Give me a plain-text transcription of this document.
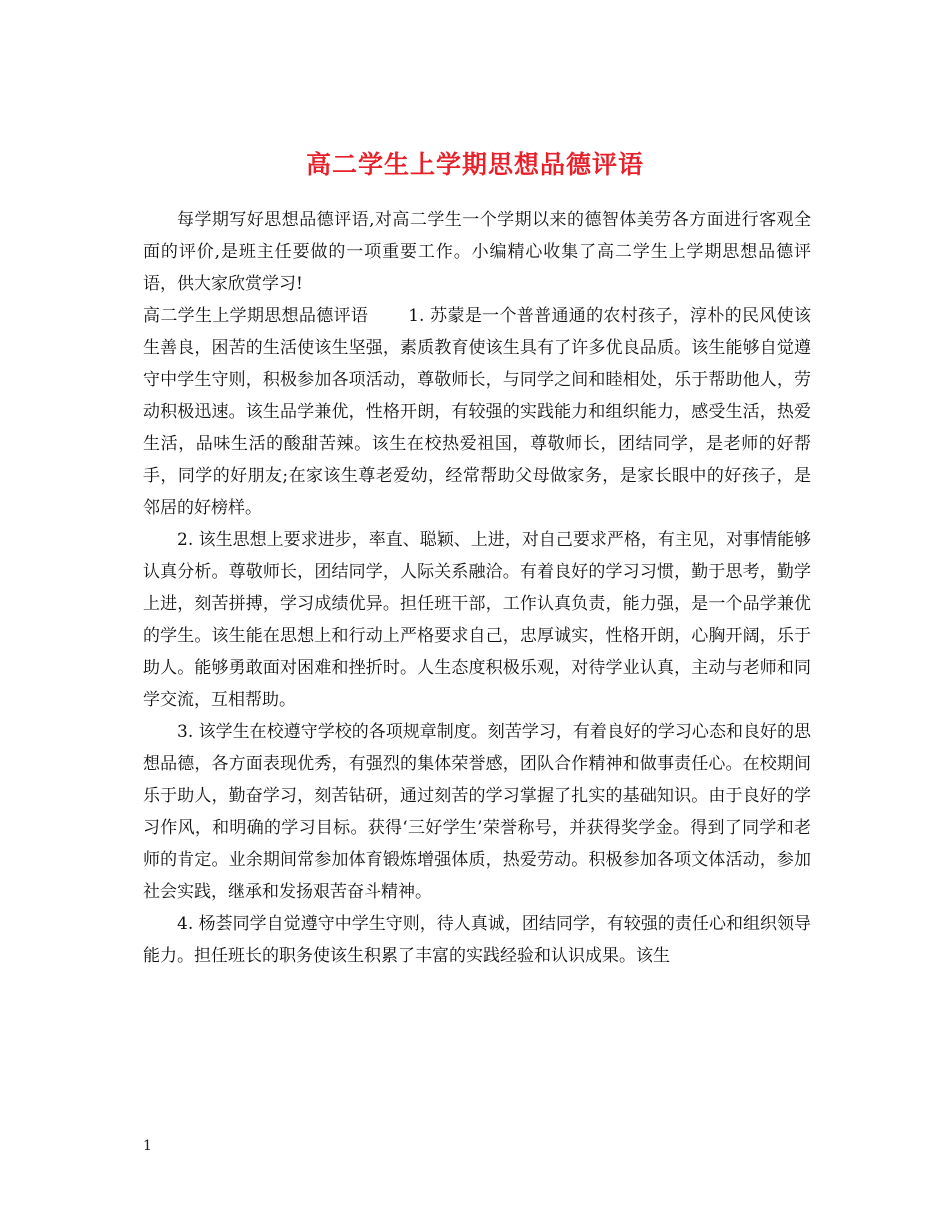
高二学生上学期思想品德评语

每学期写好思想品德评语,对高二学生一个学期以来的德智体美劳各方面进行客观全面的评价,是班主任要做的一项重要工作。小编精心收集了高二学生上学期思想品德评语，供大家欣赏学习!

高二学生上学期思想品德评语 1. 苏蒙是一个普普通通的农村孩子，淳朴的民风使该生善良，困苦的生活使该生坚强，素质教育使该生具有了许多优良品质。该生能够自觉遵守中学生守则，积极参加各项活动，尊敬师长，与同学之间和睦相处，乐于帮助他人，劳动积极迅速。该生品学兼优，性格开朗，有较强的实践能力和组织能力，感受生活，热爱生活，品味生活的酸甜苦辣。该生在校热爱祖国，尊敬师长，团结同学，是老师的好帮手，同学的好朋友;在家该生尊老爱幼，经常帮助父母做家务，是家长眼中的好孩子，是邻居的好榜样。

2. 该生思想上要求进步，率直、聪颖、上进，对自己要求严格，有主见，对事情能够认真分析。尊敬师长，团结同学，人际关系融洽。有着良好的学习习惯，勤于思考，勤学上进，刻苦拼搏，学习成绩优异。担任班干部，工作认真负责，能力强，是一个品学兼优的学生。该生能在思想上和行动上严格要求自己，忠厚诚实，性格开朗，心胸开阔，乐于助人。能够勇敢面对困难和挫折时。人生态度积极乐观，对待学业认真，主动与老师和同学交流，互相帮助。

3. 该学生在校遵守学校的各项规章制度。刻苦学习，有着良好的学习心态和良好的思想品德，各方面表现优秀，有强烈的集体荣誉感，团队合作精神和做事责任心。在校期间乐于助人，勤奋学习，刻苦钻研，通过刻苦的学习掌握了扎实的基础知识。由于良好的学习作风，和明确的学习目标。获得‘三好学生’荣誉称号，并获得奖学金。得到了同学和老师的肯定。业余期间常参加体育锻炼增强体质，热爱劳动。积极参加各项文体活动，参加社会实践，继承和发扬艰苦奋斗精神。

4. 杨荟同学自觉遵守中学生守则，待人真诚，团结同学，有较强的责任心和组织领导能力。担任班长的职务使该生积累了丰富的实践经验和认识成果。该生

1
